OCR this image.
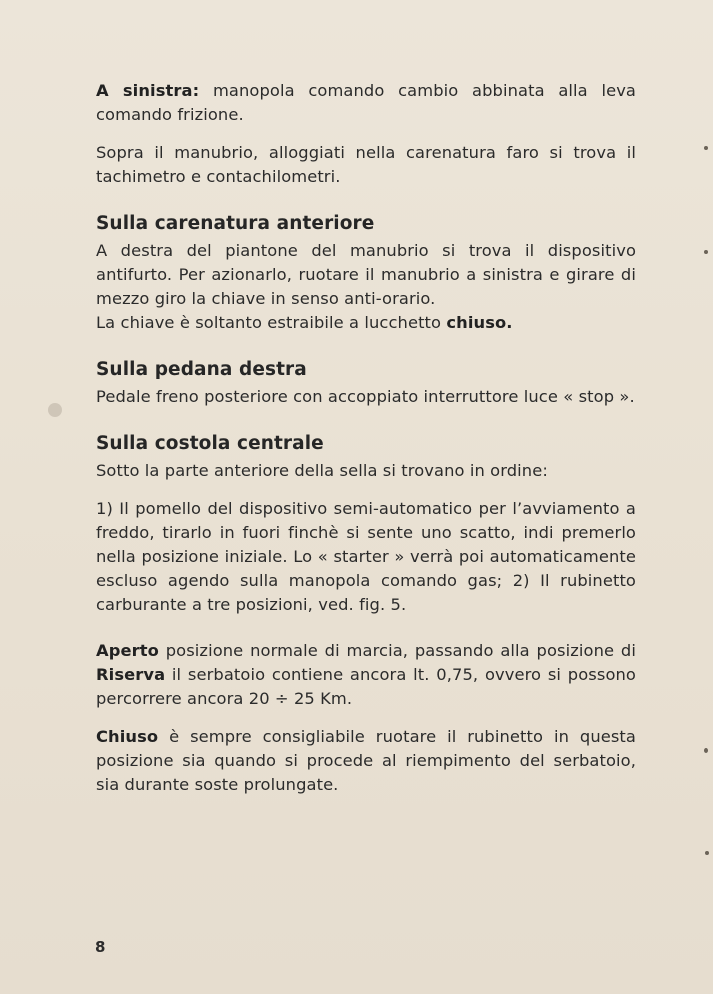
A sinistra: manopola comando cambio abbinata alla leva comando frizione.

Sopra il manubrio, alloggiati nella carenatura faro si trova il tachimetro e contachilometri.

Sulla carenatura anteriore

A destra del piantone del manubrio si trova il dispositivo antifurto. Per azionarlo, ruotare il manubrio a sinistra e girare di mezzo giro la chiave in senso anti-orario.

La chiave è soltanto estraibile a lucchetto chiuso.

Sulla pedana destra

Pedale freno posteriore con accoppiato interruttore luce « stop ».

Sulla costola centrale

Sotto la parte anteriore della sella si trovano in ordine:

1) Il pomello del dispositivo semi-automatico per l’avviamento a freddo, tirarlo in fuori finchè si sente uno scatto, indi premerlo nella posizione iniziale. Lo « starter » verrà poi automaticamente escluso agendo sulla manopola comando gas; 2) Il rubinetto carburante a tre posizioni, ved. fig. 5.

Aperto posizione normale di marcia, passando alla posizione di Riserva il serbatoio contiene ancora lt. 0,75, ovvero si possono percorrere ancora 20 ÷ 25 Km.

Chiuso è sempre consigliabile ruotare il rubinetto in questa posizione sia quando si procede al riempimento del serbatoio, sia durante soste prolungate.

8
